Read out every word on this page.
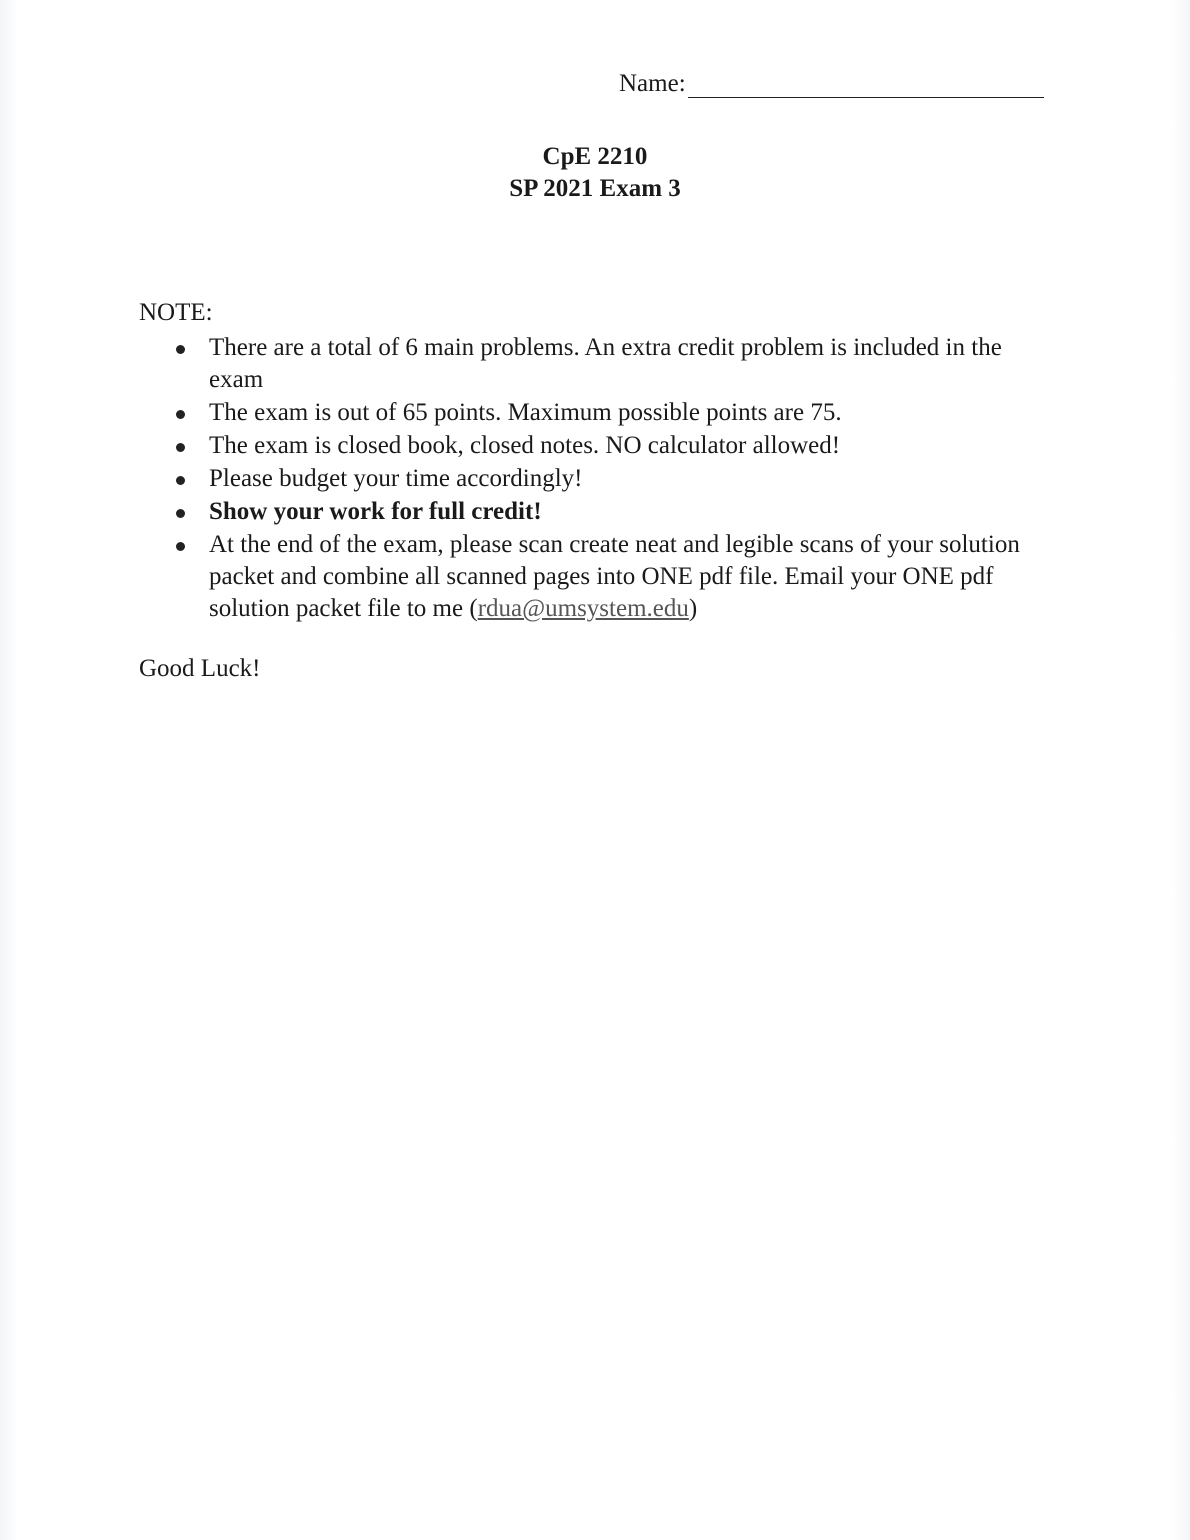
Name:
CpE 2210
SP 2021 Exam 3
NOTE:
There are a total of 6 main problems. An extra credit problem is included in the exam
The exam is out of 65 points. Maximum possible points are 75.
The exam is closed book, closed notes. NO calculator allowed!
Please budget your time accordingly!
Show your work for full credit!
At the end of the exam, please scan create neat and legible scans of your solution packet and combine all scanned pages into ONE pdf file. Email your ONE pdf solution packet file to me (rdua@umsystem.edu)
Good Luck!
